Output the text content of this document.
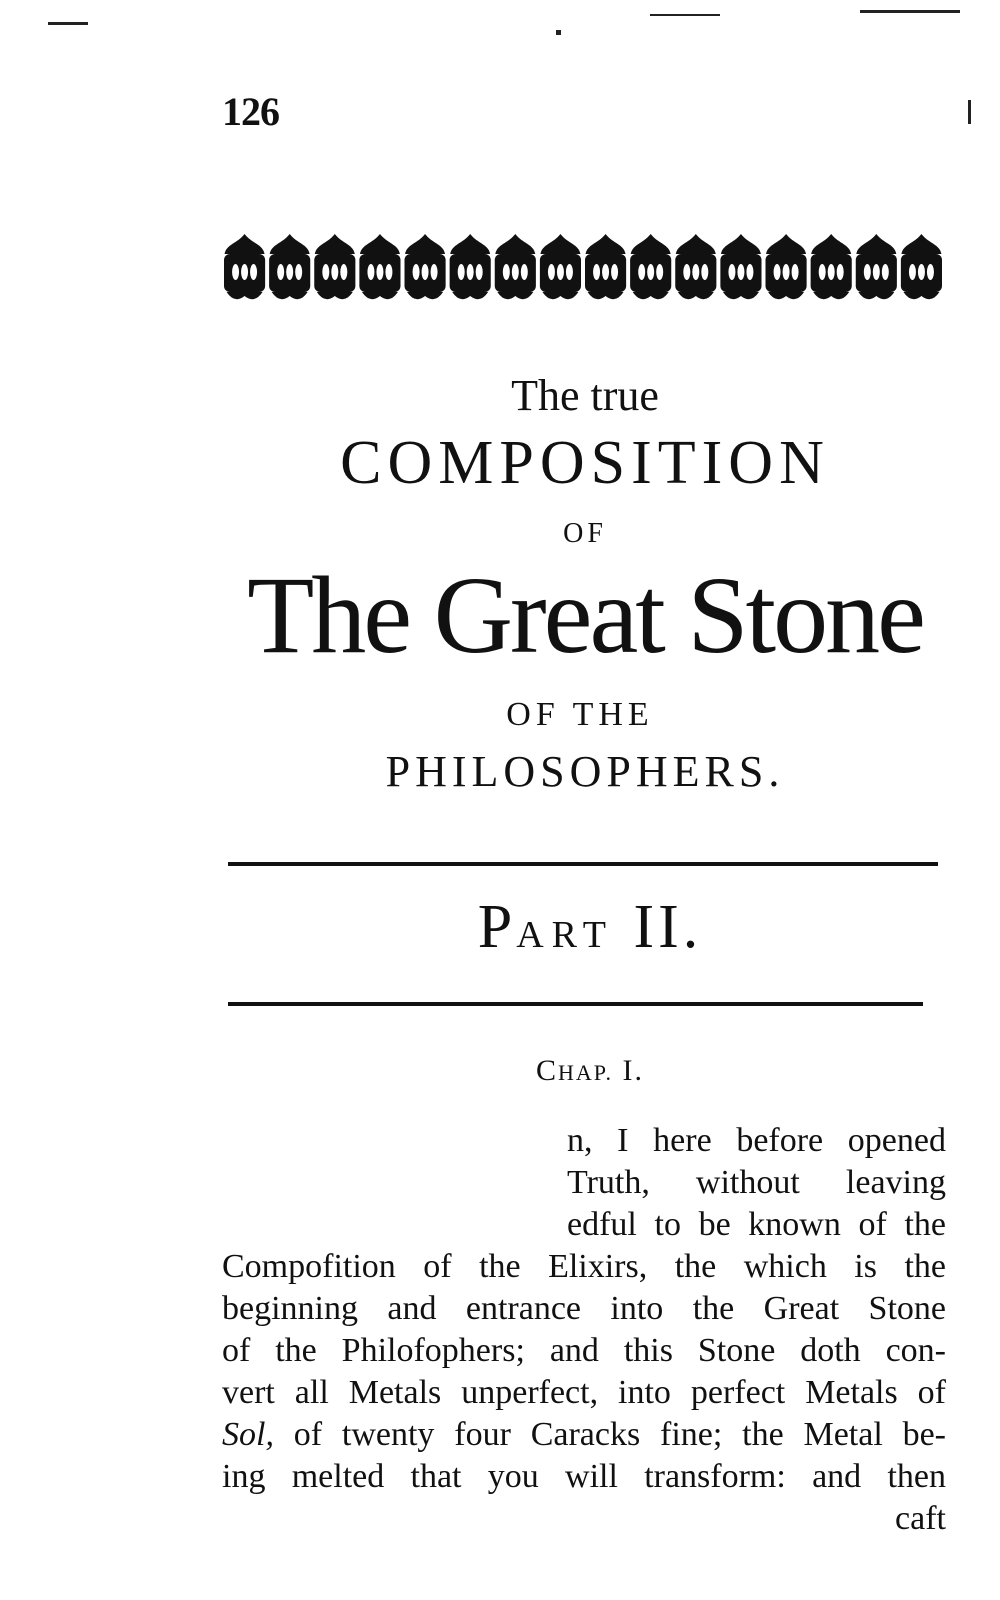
126
The true
COMPOSITION
OF
The Great Stone
OF THE
PHILOSOPHERS.
PART II.
CHAP. I.
n, I here before opened
Truth, without leaving
edful to be known of the
Compofition of the Elixirs, the which is the
beginning and entrance into the Great Stone
of the Philofophers; and this Stone doth con-
vert all Metals unperfect, into perfect Metals of
Sol, of twenty four Caracks fine; the Metal be-
ing melted that you will transform: and then
caft
